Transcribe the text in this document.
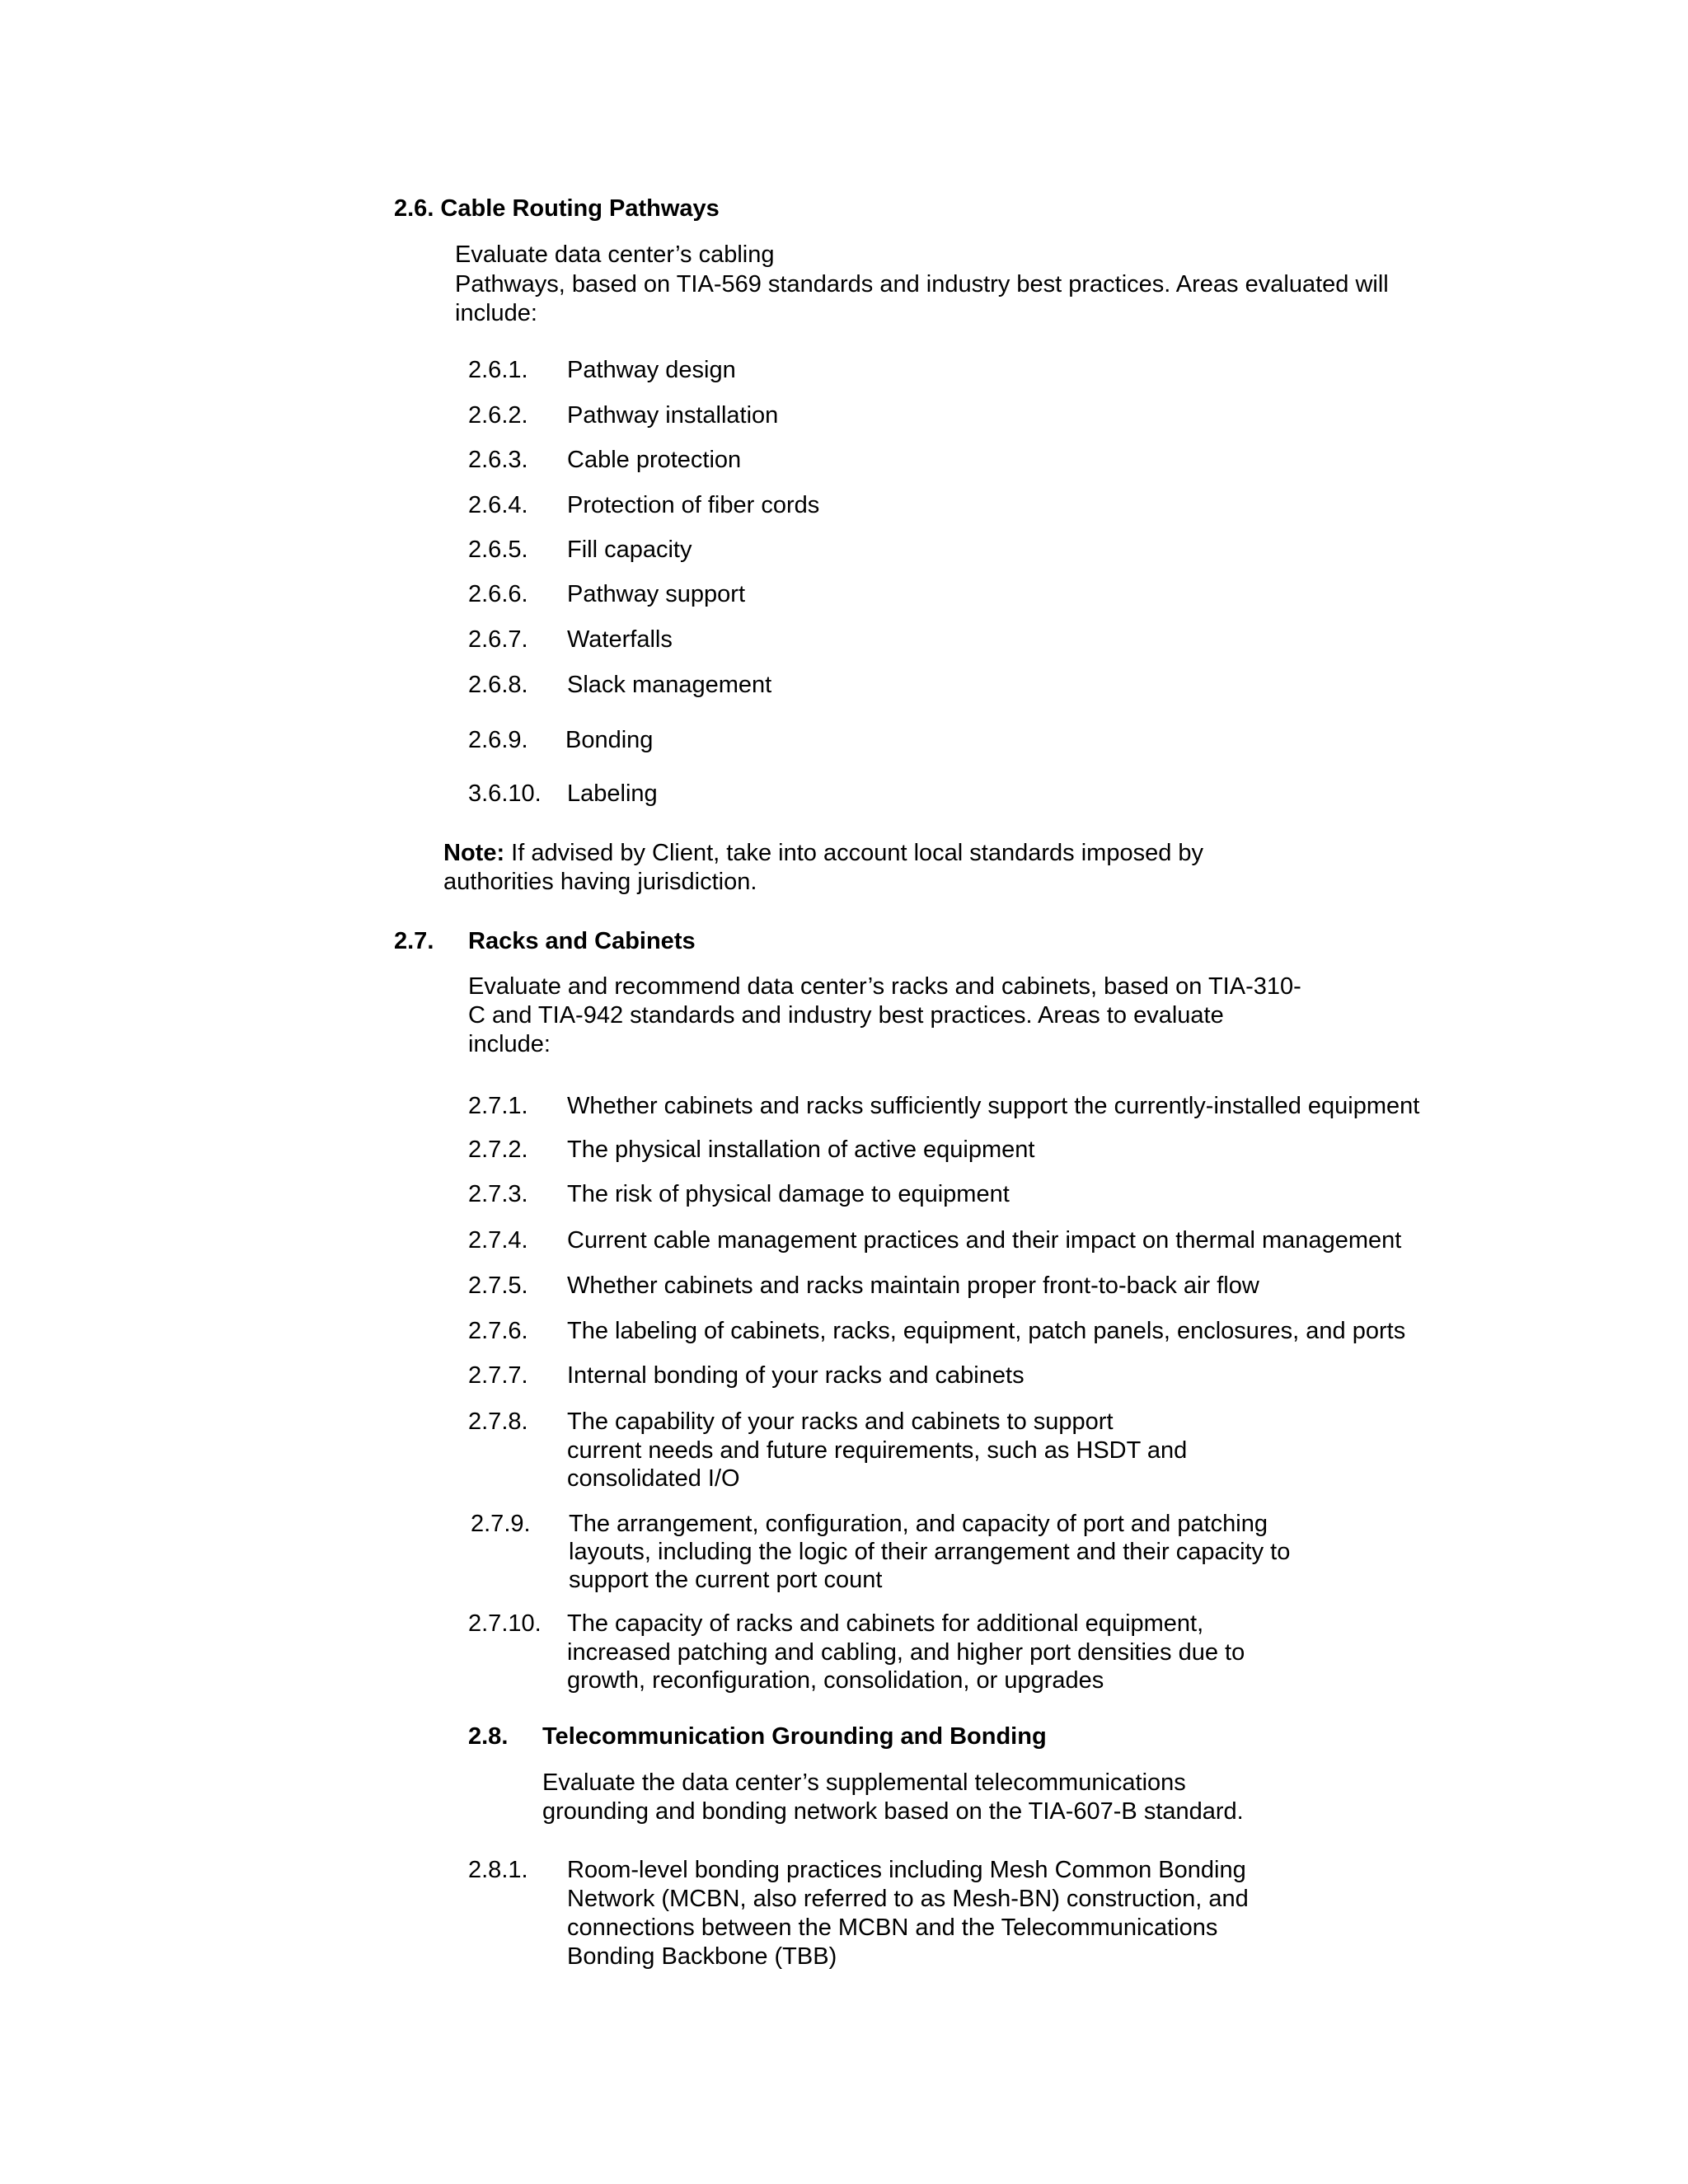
2.6. Cable Routing Pathways
Evaluate data center’s cabling
Pathways, based on TIA-569 standards and industry best practices. Areas evaluated will
include:
2.6.1. Pathway design
2.6.2. Pathway installation
2.6.3. Cable protection
2.6.4. Protection of fiber cords
2.6.5. Fill capacity
2.6.6. Pathway support
2.6.7. Waterfalls
2.6.8. Slack management
2.6.9. Bonding
3.6.10. Labeling
Note: If advised by Client, take into account local standards imposed by
authorities having jurisdiction.
2.7. Racks and Cabinets
Evaluate and recommend data center’s racks and cabinets, based on TIA-310-
C and TIA-942 standards and industry best practices. Areas to evaluate
include:
2.7.1. Whether cabinets and racks sufficiently support the currently-installed equipment
2.7.2. The physical installation of active equipment
2.7.3. The risk of physical damage to equipment
2.7.4. Current cable management practices and their impact on thermal management
2.7.5. Whether cabinets and racks maintain proper front-to-back air flow
2.7.6. The labeling of cabinets, racks, equipment, patch panels, enclosures, and ports
2.7.7. Internal bonding of your racks and cabinets
2.7.8. The capability of your racks and cabinets to support
current needs and future requirements, such as HSDT and
consolidated I/O
2.7.9. The arrangement, configuration, and capacity of port and patching
layouts, including the logic of their arrangement and their capacity to
support the current port count
2.7.10. The capacity of racks and cabinets for additional equipment,
increased patching and cabling, and higher port densities due to
growth, reconfiguration, consolidation, or upgrades
2.8. Telecommunication Grounding and Bonding
Evaluate the data center’s supplemental telecommunications
grounding and bonding network based on the TIA-607-B standard.
2.8.1. Room-level bonding practices including Mesh Common Bonding
Network (MCBN, also referred to as Mesh-BN) construction, and
connections between the MCBN and the Telecommunications
Bonding Backbone (TBB)
